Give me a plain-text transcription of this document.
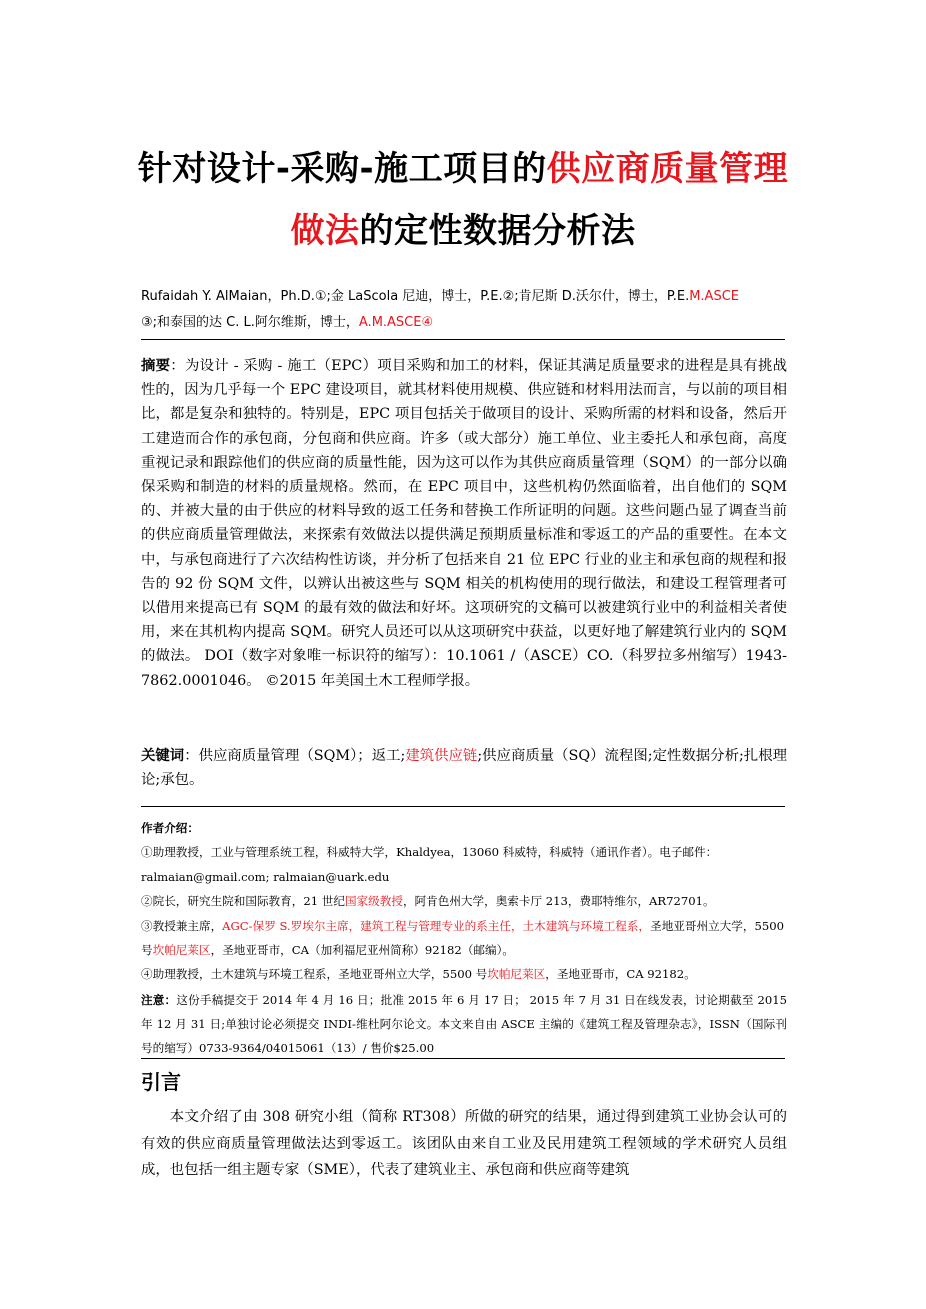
针对设计-采购-施工项目的供应商质量管理
做法的定性数据分析法
Rufaidah Y. AlMaian，Ph.D.①;金 LaScola 尼迪，博士，P.E.②;肯尼斯 D.沃尔什，博士，P.E.M.ASCE
③;和泰国的达 C. L.阿尔维斯，博士，A.M.ASCE④
摘要：为设计 - 采购 - 施工（EPC）项目采购和加工的材料，保证其满足质量要求的进程是具有挑战性的，因为几乎每一个 EPC 建设项目，就其材料使用规模、供应链和材料用法而言，与以前的项目相比，都是复杂和独特的。特别是，EPC 项目包括关于做项目的设计、采购所需的材料和设备，然后开工建造而合作的承包商，分包商和供应商。许多（或大部分）施工单位、业主委托人和承包商，高度重视记录和跟踪他们的供应商的质量性能，因为这可以作为其供应商质量管理（SQM）的一部分以确保采购和制造的材料的质量规格。然而，在 EPC 项目中，这些机构仍然面临着，出自他们的 SQM 的、并被大量的由于供应的材料导致的返工任务和替换工作所证明的问题。这些问题凸显了调查当前的供应商质量管理做法，来探索有效做法以提供满足预期质量标准和零返工的产品的重要性。在本文中，与承包商进行了六次结构性访谈，并分析了包括来自 21 位 EPC 行业的业主和承包商的规程和报告的 92 份 SQM 文件，以辨认出被这些与 SQM 相关的机构使用的现行做法，和建设工程管理者可以借用来提高已有 SQM 的最有效的做法和好坏。这项研究的文稿可以被建筑行业中的利益相关者使用，来在其机构内提高 SQM。研究人员还可以从这项研究中获益，以更好地了解建筑行业内的 SQM 的做法。 DOI（数字对象唯一标识符的缩写）：10.1061 /（ASCE）CO.（科罗拉多州缩写）1943-7862.0001046。 ©2015 年美国土木工程师学报。
关键词：供应商质量管理（SQM）；返工;建筑供应链;供应商质量（SQ）流程图;定性数据分析;扎根理论;承包。

作者介绍：

①助理教授，工业与管理系统工程，科威特大学，Khaldyea，13060 科威特，科威特（通讯作者）。电子邮件：ralmaian@gmail.com; ralmaian@uark.edu

②院长，研究生院和国际教育，21 世纪国家级教授，阿肯色州大学，奥索卡厅 213，费耶特维尔，AR72701。

③教授兼主席，AGC-保罗 S.罗埃尔主席，建筑工程与管理专业的系主任，土木建筑与环境工程系，圣地亚哥州立大学，5500 号坎帕尼莱区，圣地亚哥市，CA（加利福尼亚州简称）92182（邮编）。

④助理教授，土木建筑与环境工程系，圣地亚哥州立大学，5500 号坎帕尼莱区，圣地亚哥市，CA 92182。

注意：这份手稿提交于 2014 年 4 月 16 日；批准 2015 年 6 月 17 日； 2015 年 7 月 31 日在线发表，讨论期截至 2015 年 12 月 31 日;单独讨论必须提交 INDI-维杜阿尔论文。本文来自由 ASCE 主编的《建筑工程及管理杂志》，ISSN（国际刊号的缩写）0733-9364/04015061（13）/ 售价$25.00
引言
本文介绍了由 308 研究小组（简称 RT308）所做的研究的结果，通过得到建筑工业协会认可的有效的供应商质量管理做法达到零返工。该团队由来自工业及民用建筑工程领域的学术研究人员组成，也包括一组主题专家（SME），代表了建筑业主、承包商和供应商等建筑
